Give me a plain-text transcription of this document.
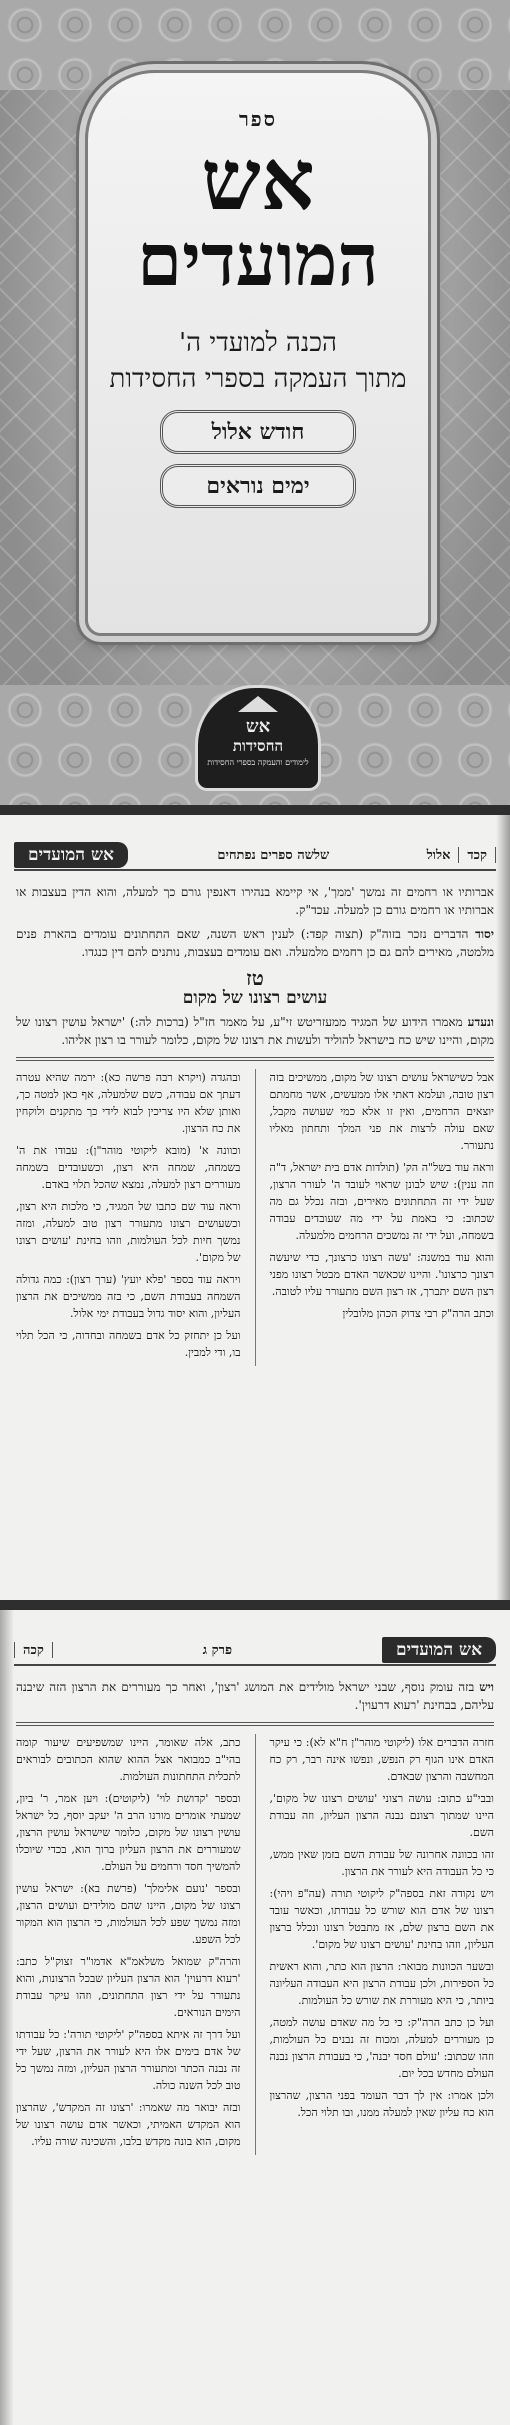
ספר
אש
המועדים
הכנה למועדי ה'
מתוך העמקה בספרי החסידות
חודש אלול
ימים נוראים
אש
החסידות
לימודים והעמקה בספרי החסידות
קכד
אלול
שלשה ספרים נפתחים
אש המועדים

אברותיו או רחמים זה נמשך 'ממך', אי קיימא בנהירו דאנפין גורם כך למעלה, והוא הדין בעצבות או אברותיו או רחמים גורם כן למעלה. עכד"ק.

יסוד הדברים נזכר בזוה"ק (תצוה קפד:) לענין ראש השנה, שאם התחתונים עומדים בהארת פנים מלמטה, מאירים להם גם כן רחמים מלמעלה. ואם עומדים בעצבות, נותנים להם דין כנגדו.

טז
עושים רצונו של מקום

ונעדע מאמרו הידוע של המגיד ממעזריטש זי"ע, על מאמר חז"ל (ברכות לה:) 'ישראל עושין רצונו של מקום, והיינו שיש כח בישראל להוליד ולעשות את רצונו של מקום, כלומר לעורר בו רצון אליהו.

אבל כשישראל עושים רצונו של מקום, ממשיכים בזה רצון טובה, ועלמא דאתי אלו ממעשים, אשר מחמתם יוצאים הרחמים, ואין זו אלא כמי שעושה מקבל, שאם עולה לרצות את פני המלך ותחתון מאליו נתעורר.

וראה עוד בשל"ה הק' (תולדות אדם בית ישראל, ד"ה וזה ענין): שיש לבונן שראוי לעובד ה' לעורר הרצון, שעל ידי זה התחתונים מאירים, ובזה נכלל גם מה שכתוב: כי באמת על ידי מה שעובדים עבודה בשמחה, ועל ידי זה נמשכים הרחמים מלמעלה.

והוא עוד במשנה: 'עשה רצונו כרצונך, כדי שיעשה רצונך כרצונו'. והיינו שכאשר האדם מבטל רצונו מפני רצון השם יתברך, אז רצון השם מתעורר עליו לטובה.

וכתב הרה"ק רבי צדוק הכהן מלובלין

ובהגדה (ויקרא רבה פרשה כא): ירמה שהיא עטרה דעתך אם עבודה, כשם שלמעלה, אף כאן למטה כך, ואותן שלא היו צריכין לבוא לידי כך מתקנים ולוקחין את כח הרצון.

וכוונה א' (מובא ליקוטי מוהר"ן): עבודו את ה' בשמחה, שמחה היא רצון, וכשעובדים בשמחה מעוררים רצון למעלה, נמצא שהכל תלוי באדם.

וראה עוד שם כתבו של המגיד, כי מלכות היא רצון, וכשעושים רצונו מתעורר רצון טוב למעלה, ומזה נמשך חיות לכל העולמות, וזהו בחינת 'עושים רצונו של מקום'.

ויראה עוד בספר 'פלא יועץ' (ערך רצון): כמה גדולה השמחה בעבודת השם, כי בזה ממשיכים את הרצון העליון, והוא יסוד גדול בעבודת ימי אלול.

ועל כן יתחזק כל אדם בשמחה ובחדוה, כי הכל תלוי בו, ודי למבין.

אש המועדים
פרק ג
קכה

ויש בזה עומק נוסף, שבני ישראל מולידים את המושג 'רצון', ואחר כך מעוררים את הרצון הזה שיבנה עליהם, בבחינת 'רעוא דרעוין'.

חזרה הדברים אלו (ליקוטי מוהר"ן ח"א לא): כי עיקר האדם אינו הגוף רק הנפש, ונפשו אינה רבר, רק כח המחשבה והרצון שבאדם.

ובבי"ע כתוב: עושה רצוני 'עושים רצונו של מקום', היינו שמתוך רצונם נבנה הרצון העליון, וזה עבודת השם.

זהו בכוונה אחרונה של עבודת השם בזמן שאין ממש, כי כל העבודה היא לעורר את הרצון.

ויש נקודה זאת בספה"ק ליקוטי תורה (עה"פ ויהי): רצונו של אדם הוא שורש כל עבודתו, וכאשר עובד את השם ברצון שלם, אז מתבטל רצונו ונכלל ברצון העליון, וזהו בחינת 'עושים רצונו של מקום'.

ובשער הכוונות מבואר: הרצון הוא כתר, והוא ראשית כל הספירות, ולכן עבודת הרצון היא העבודה העליונה ביותר, כי היא מעוררת את שורש כל העולמות.

ועל כן כתב הרה"ק: כי כל מה שאדם עושה למטה, כן מעוררים למעלה, ומכוח זה נבנים כל העולמות, וזהו שכתוב: 'עולם חסד יבנה', כי בעבודת הרצון נבנה העולם מחדש בכל יום.

ולכן אמרו: אין לך דבר העומד בפני הרצון, שהרצון הוא כח עליון שאין למעלה ממנו, ובו תלוי הכל.

כתב, אלה שאומר, היינו שמשפיעים שיעור קומה בהי"ב כמבואר אצל ההוא שהוא הכתובים לבוראים לתכלית התחתונות העולמות.

ובספר 'קדושת לוי' (ליקוטים): ויען אמר, ר' ביון, שמעתי אומרים מורנו הרב ה' יעקב יוסף, כל ישראל עושין רצונו של מקום, כלומר שישראל עושין הרצון, שמעוררים את הרצון העליון ברוך הוא, בכדי שיוכלו להמשיך חסד ורחמים על העולם.

ובספר 'נועם אלימלך' (פרשת בא): ישראל עושין רצונו של מקום, היינו שהם מולידים ועושים הרצון, ומזה נמשך שפע לכל העולמות, כי הרצון הוא המקור לכל השפע.

והרה"ק שמואל משלאמ"א אדמו"ר זצוק"ל כתב: 'רעוא דרעוין' הוא הרצון העליון שבכל הרצונות, והוא נתעורר על ידי רצון התחתונים, וזהו עיקר עבודת הימים הנוראים.

ועל דרך זה איתא בספה"ק 'ליקוטי תורה': כל עבודתו של אדם בימים אלו היא לעורר את הרצון, שעל ידי זה נבנה הכתר ומתעורר הרצון העליון, ומזה נמשך כל טוב לכל השנה כולה.

ובזה יבואר מה שאמרו: 'רצונו זה המקדש', שהרצון הוא המקדש האמיתי, וכאשר אדם עושה רצונו של מקום, הוא בונה מקדש בלבו, והשכינה שורה עליו.
